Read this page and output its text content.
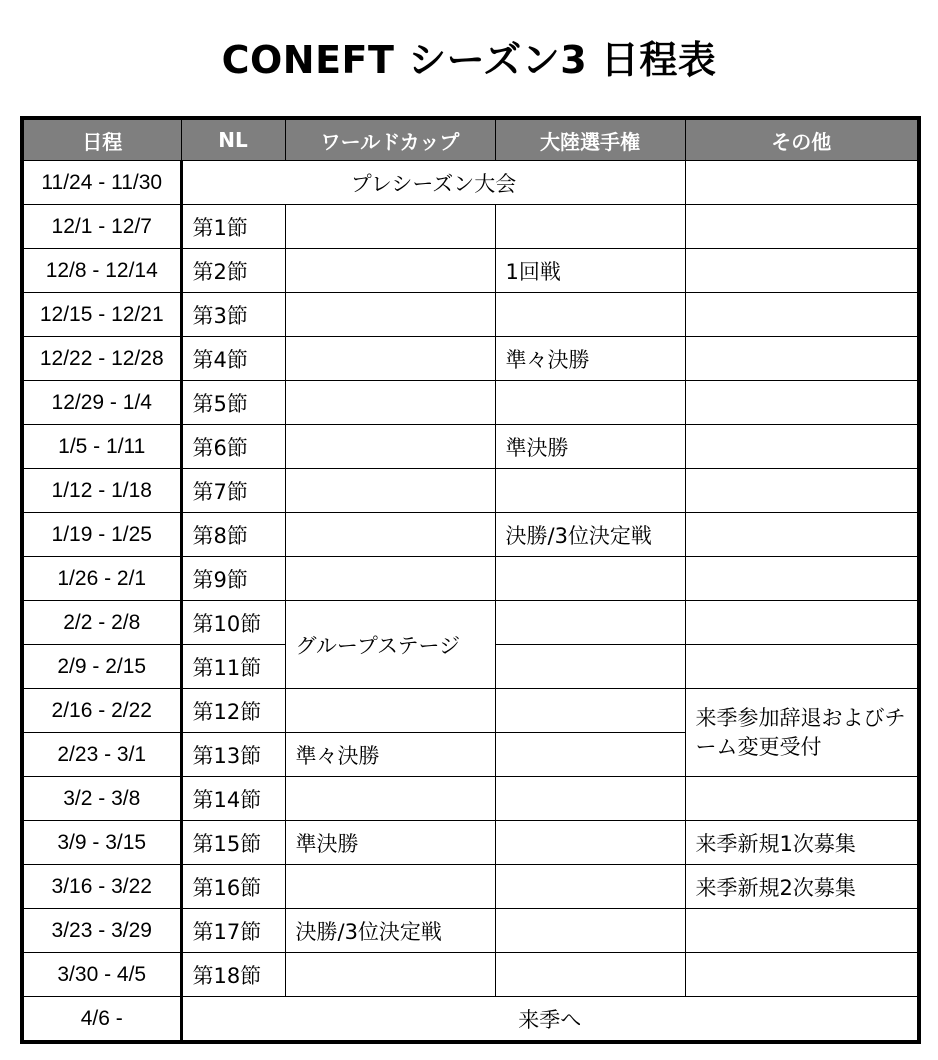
CONEFT シーズン3 日程表
日程	NL	ワールドカップ	大陸選手権	その他
11/24 - 11/30	プレシーズン大会			
12/1 - 12/7	第1節			
12/8 - 12/14	第2節		1回戦	
12/15 - 12/21	第3節			
12/22 - 12/28	第4節		準々決勝	
12/29 - 1/4	第5節			
1/5 - 1/11	第6節		準決勝	
1/12 - 1/18	第7節			
1/19 - 1/25	第8節		決勝/3位決定戦	
1/26 - 2/1	第9節			
2/2 - 2/8	第10節	グループステージ		
2/9 - 2/15	第11節			
2/16 - 2/22	第12節			来季参加辞退およびチーム変更受付
2/23 - 3/1	第13節	準々決勝		
3/2 - 3/8	第14節			
3/9 - 3/15	第15節	準決勝		来季新規1次募集
3/16 - 3/22	第16節			来季新規2次募集
3/23 - 3/29	第17節	決勝/3位決定戦		
3/30 - 4/5	第18節			
4/6 -	来季へ			
